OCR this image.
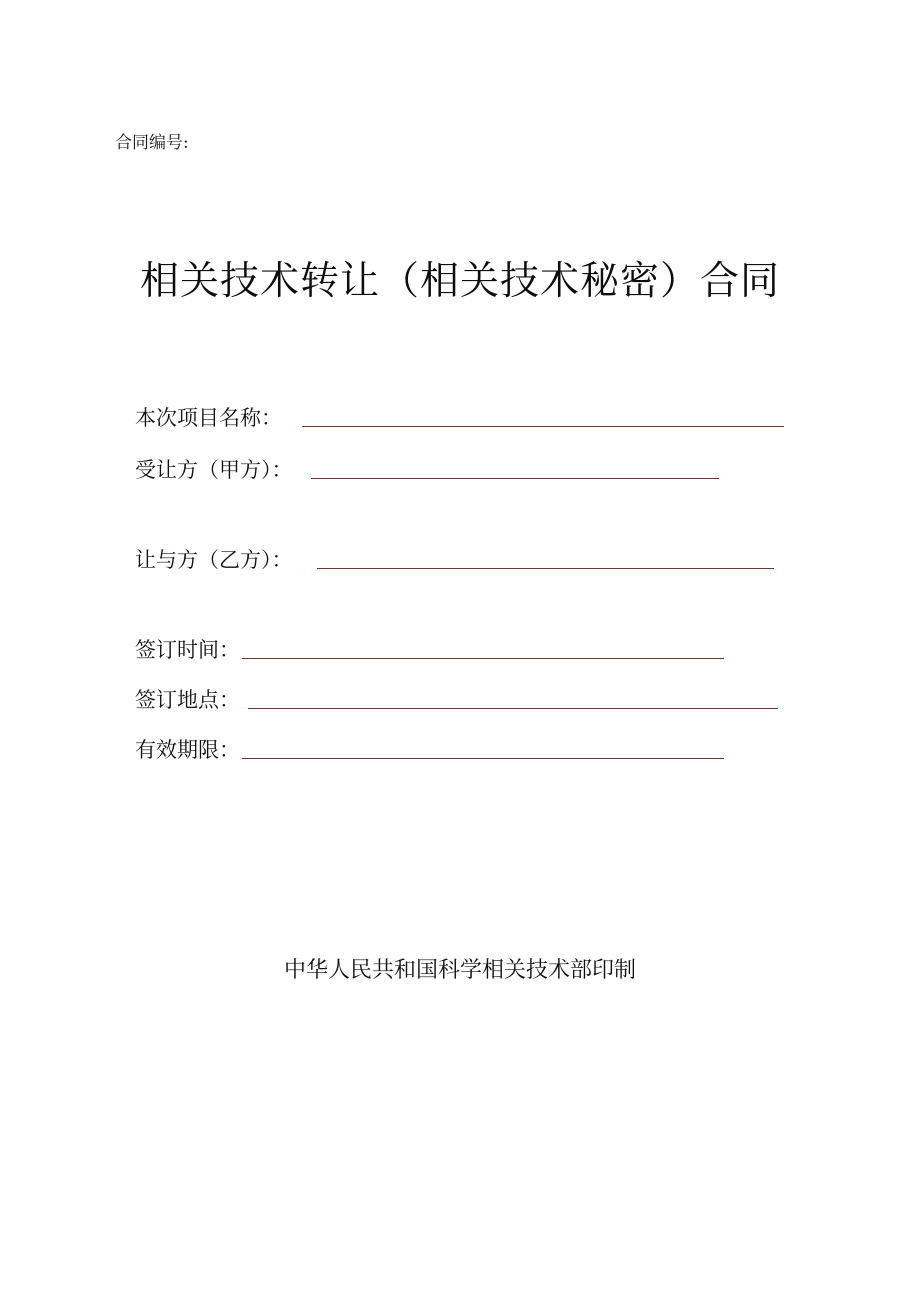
合同编号:
相关技术转让（相关技术秘密）合同
本次项目名称：
受让方（甲方）：
让与方（乙方）：
签订时间：
签订地点：
有效期限：
中华人民共和国科学相关技术部印制
